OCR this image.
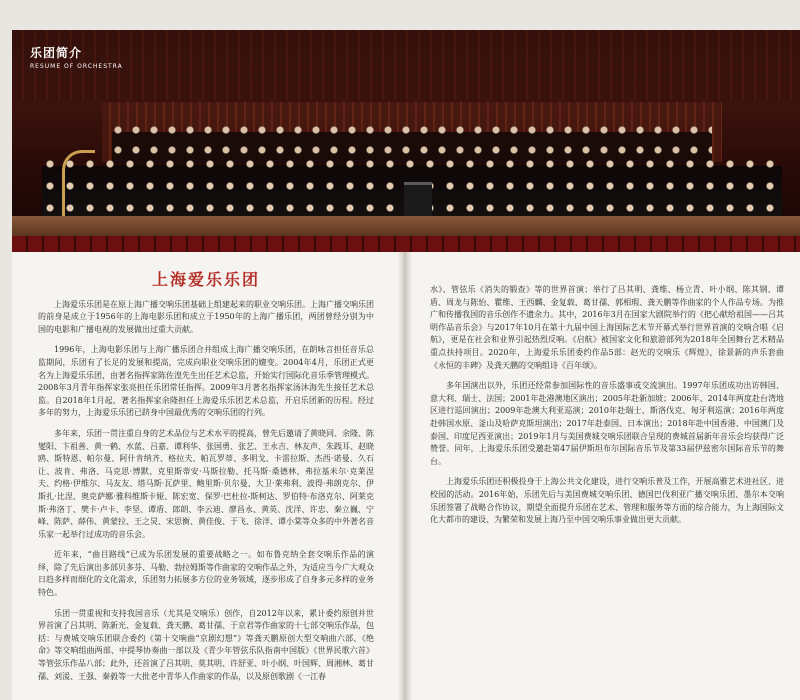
乐团简介
RESUME OF ORCHESTRA
上海爱乐乐团

上海爱乐乐团是在原上海广播交响乐团基础上组建起来的职业交响乐团。上海广播交响乐团的前身是成立于1956年的上海电影乐团和成立于1950年的上海广播乐团，两团曾经分别为中国的电影和广播电视的发展做出过重大贡献。

1996年，上海电影乐团与上海广播乐团合并组成上海广播交响乐团，在朗咏言担任音乐总监期间，乐团有了长足的发展和提高，完成向职业交响乐团的嬗变。2004年4月，乐团正式更名为上海爱乐乐团，由著名指挥家陈佐湟先生出任艺术总监，开始实行国际化音乐季管理模式。2008年3月青年指挥家张亮担任乐团常任指挥。2009年3月著名指挥家汤沐海先生接任艺术总监。自2018年1月起，著名指挥家余隆担任上海爱乐乐团艺术总监，开启乐团新的历程。经过多年的努力，上海爱乐乐团已跻身中国最优秀的交响乐团的行列。

多年来，乐团一贯注重自身的艺术品位与艺术水平的提高，曾先后邀请了黄晓同、余隆、陈燮阳、卞祖善、黄一鹤、水蓝、吕嘉、谭利华、张国勇、张艺、王永吉、林友声、朱践耳、赵晓鸥、斯特恩、帕尔曼、阿什肯纳齐、格拉夫、帕瓦罗蒂、多明戈、卡雷拉斯、杰西·诺曼、久石让、波肯、弗洛、马克思·博默、克里斯蒂安·马斯拉勒、托马斯·桑德林、弗拉基米尔·克莱涅夫、约格·伊维尔、马友友、塔马斯·瓦萨里、鲍里斯·贝尔曼、大卫·莱弗利、波得·弗朗克尔、伊斯扎·比涅、奥克萨娜·雅科维斯卡娅、陈宏宽、保罗·巴杜拉-斯柯达、罗伯特·布洛克尔、阿莱克斯·弗洛丁、樊卡·卢卡、李坚、谭盾、郎朗、李云迪、廖昌永、黄英、沈洋、许忠、秦立巍、宁峰、陈萨、薛伟、黄蒙拉、王之炅、宋思衡、黄佳俊、于飞、徐洋、谭小棠等众多的中外著名音乐家一起举行过成功的音乐会。

近年来，“曲目路线”已成为乐团发展的重要战略之一。如布鲁克纳全套交响乐作品的演绎，除了先后演出多部贝多芬、马勒、勃拉姆斯等作曲家的交响作品之外，为适应当今广大观众日趋多样而细化的文化需求，乐团努力拓展多方位的业务领域，逐步形成了自身多元多样的业务特色。

乐团一贯重视和支持我国音乐（尤其是交响乐）创作，自2012年以来，累计委约原创并世界首演了吕其明、陈新光、金复载、龚天鹏、葛甘孺、于京君等作曲家的十七部交响乐作品，包括：与费城交响乐团联合委约《第十交响曲“京剧幻想”》等龚天鹏原创大型交响曲六部、《绝命》等交响组曲两部、中提琴协奏曲一部以及《青少年管弦乐队指南中国版》《世界民歌六首》等管弦乐作品八部；此外，还首演了吕其明、莫其明、许舒亚、叶小纲、叶国辉、周湘林、葛甘孺、刘湲、王强、秦毅等一大批老中青华人作曲家的作品，以及原创歌剧《一江春

水》、管弦乐《消失的锻查》等的世界首演；举行了吕其明、龚维、杨立青、叶小纲、陈其钢、谭盾、周龙与陈怡、瞿维、王西麟、金复载、葛甘孺、郭相瑕、龚天鹏等作曲家的个人作品专场。为推广和传播我国的音乐创作不遗余力。其中，2016年3月在国家大剧院举行的《把心献给祖国——吕其明作品音乐会》与2017年10月在第十九届中国上海国际艺术节开幕式举行世界首演的交响合唱《启航》，更是在社会和业界引起热烈反响。《启航》被国家文化和旅游部列为2018年全国舞台艺术精品重点扶持项目。2020年，上海爱乐乐团委约作品5部：赵光的交响乐《辉煌》，徐景新的声乐套曲《永恒的丰碑》及龚天鹏的交响组诗《百年颂》。

多年国演出以外，乐团还经常参加国际性的音乐盛事或交流演出。1997年乐团成功出访韩国、意大利、瑞士、法国；2001年赴港澳地区演出；2005年赴新加坡；2006年、2014年两度赴台湾地区进行巡回演出；2009年赴澳大利亚巡演；2010年赴瑞士、斯洛伐克、匈牙利巡演；2016年两度赴韩国水原、釜山及哈萨克斯坦演出；2017年赴泰国、日本演出；2018年赴中国香港、中国澳门及泰国、印度尼西亚演出；2019年1月与美国费城交响乐团联合呈现的费城首届新年音乐会均获得广泛赞誉。同年，上海爱乐乐团受邀赴第47届伊斯坦布尔国际音乐节及第33届伊兹密尔国际音乐节的舞台。

上海爱乐乐团还积极投身于上海公共文化建设，进行交响乐普及工作，开展高雅艺术进社区、进校园的活动。2016年始，乐团先后与美国费城交响乐团、德国巴伐利亚广播交响乐团、墨尔本交响乐团签署了战略合作协议，期望全面提升乐团在艺术、管理和服务等方面的综合能力，为上海国际文化大都市的建设、为繁荣和发展上海乃至中国交响乐事业做出更大贡献。
